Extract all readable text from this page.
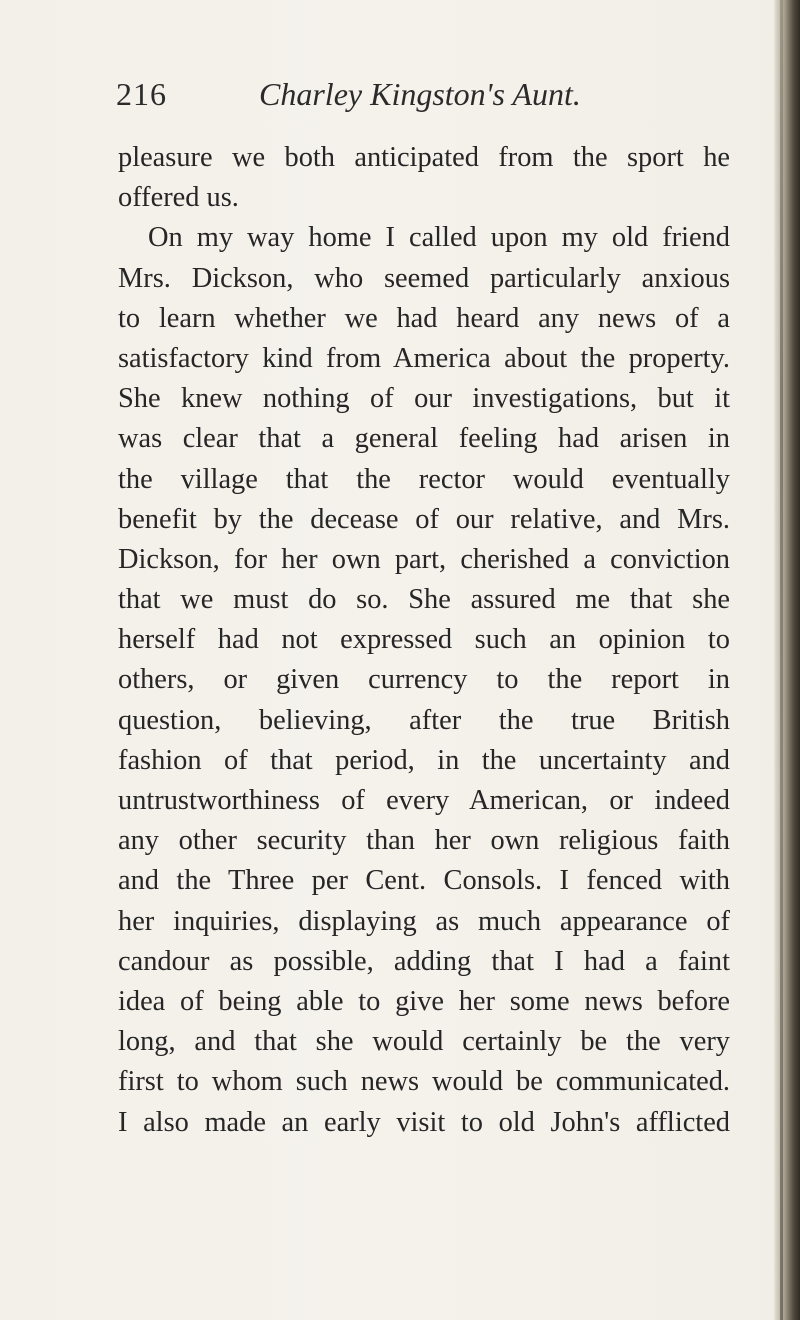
216	Charley Kingston's Aunt.
pleasure we both anticipated from the sport he
offered us.
On my way home I called upon my old friend
Mrs. Dickson, who seemed particularly anxious
to learn whether we had heard any news of a
satisfactory kind from America about the property.
She knew nothing of our investigations, but it
was clear that a general feeling had arisen in
the village that the rector would eventually
benefit by the decease of our relative, and Mrs.
Dickson, for her own part, cherished a conviction
that we must do so. She assured me that she
herself had not expressed such an opinion to
others, or given currency to the report in
question, believing, after the true British
fashion of that period, in the uncertainty and
untrustworthiness of every American, or indeed
any other security than her own religious faith
and the Three per Cent. Consols. I fenced with
her inquiries, displaying as much appearance of
candour as possible, adding that I had a faint
idea of being able to give her some news before
long, and that she would certainly be the very
first to whom such news would be communicated.
I also made an early visit to old John's afflicted
